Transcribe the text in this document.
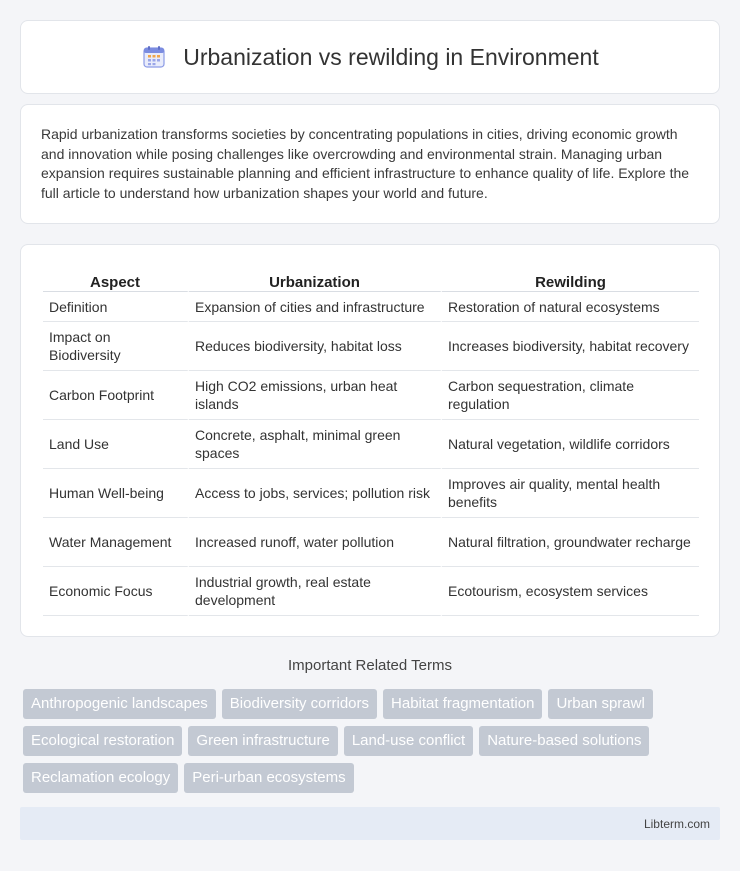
Urbanization vs rewilding in Environment

Rapid urbanization transforms societies by concentrating populations in cities, driving economic growth and innovation while posing challenges like overcrowding and environmental strain. Managing urban expansion requires sustainable planning and efficient infrastructure to enhance quality of life. Explore the full article to understand how urbanization shapes your world and future.

Aspect	Urbanization	Rewilding
Definition	Expansion of cities and infrastructure	Restoration of natural ecosystems
Impact on Biodiversity	Reduces biodiversity, habitat loss	Increases biodiversity, habitat recovery
Carbon Footprint	High CO2 emissions, urban heat islands	Carbon sequestration, climate regulation
Land Use	Concrete, asphalt, minimal green spaces	Natural vegetation, wildlife corridors
Human Well-being	Access to jobs, services; pollution risk	Improves air quality, mental health benefits
Water Management	Increased runoff, water pollution	Natural filtration, groundwater recharge
Economic Focus	Industrial growth, real estate development	Ecotourism, ecosystem services
Important Related Terms
Anthropogenic landscapes	Biodiversity corridors	Habitat fragmentation	Urban sprawl
Ecological restoration	Green infrastructure	Land-use conflict	Nature-based solutions
Reclamation ecology	Peri-urban ecosystems
Libterm.com
